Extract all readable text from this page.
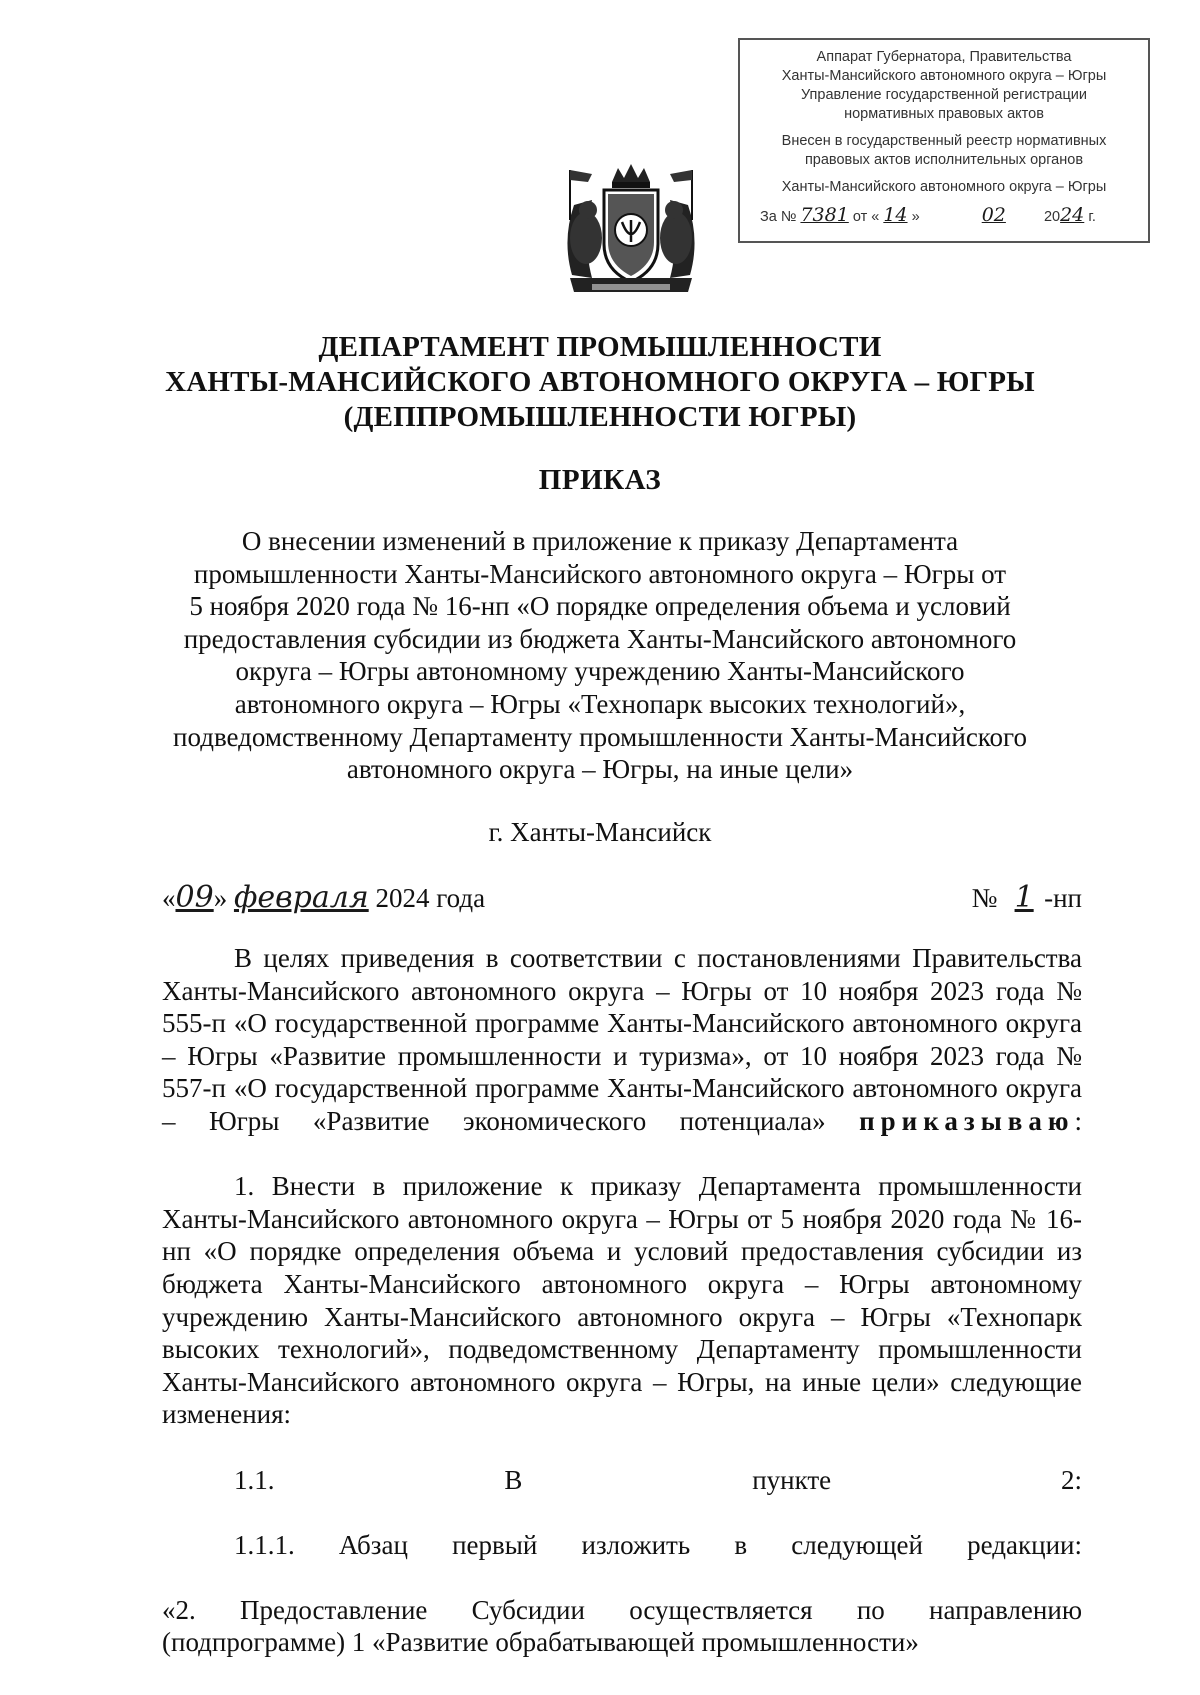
Аппарат Губернатора, Правительства
Ханты-Мансийского автономного округа – Югры
Управление государственной регистрации
нормативных правовых актов
Внесен в государственный реестр нормативных
правовых актов исполнительных органов
Ханты-Мансийского автономного округа – Югры
За № 7381 от « 14 »	02	2024 г.
ДЕПАРТАМЕНТ ПРОМЫШЛЕННОСТИ
ХАНТЫ-МАНСИЙСКОГО АВТОНОМНОГО ОКРУГА – ЮГРЫ
(ДЕППРОМЫШЛЕННОСТИ ЮГРЫ)
ПРИКАЗ
О внесении изменений в приложение к приказу Департамента
промышленности Ханты-Мансийского автономного округа – Югры от
5 ноября 2020 года № 16-нп «О порядке определения объема и условий
предоставления субсидии из бюджета Ханты-Мансийского автономного
округа – Югры автономному учреждению Ханты-Мансийского
автономного округа – Югры «Технопарк высоких технологий»,
подведомственному Департаменту промышленности Ханты-Мансийского
автономного округа – Югры, на иные цели»
г. Ханты-Мансийск
«09» февраля 2024 года	№ 1 -нп

В целях приведения в соответствии с постановлениями Правительства Ханты-Мансийского автономного округа – Югры от 10 ноября 2023 года № 555-п «О государственной программе Ханты-Мансийского автономного округа – Югры «Развитие промышленности и туризма», от 10 ноября 2023 года № 557-п «О государственной программе Ханты-Мансийского автономного округа – Югры «Развитие экономического потенциала» приказываю:

1. Внести в приложение к приказу Департамента промышленности Ханты-Мансийского автономного округа – Югры от 5 ноября 2020 года № 16-нп «О порядке определения объема и условий предоставления субсидии из бюджета Ханты-Мансийского автономного округа – Югры автономному учреждению Ханты-Мансийского автономного округа – Югры «Технопарк высоких технологий», подведомственному Департаменту промышленности Ханты-Мансийского автономного округа – Югры, на иные цели» следующие изменения:

1.1. В пункте 2:

1.1.1. Абзац первый изложить в следующей редакции:

«2. Предоставление Субсидии осуществляется по направлению (подпрограмме) 1 «Развитие обрабатывающей промышленности»
